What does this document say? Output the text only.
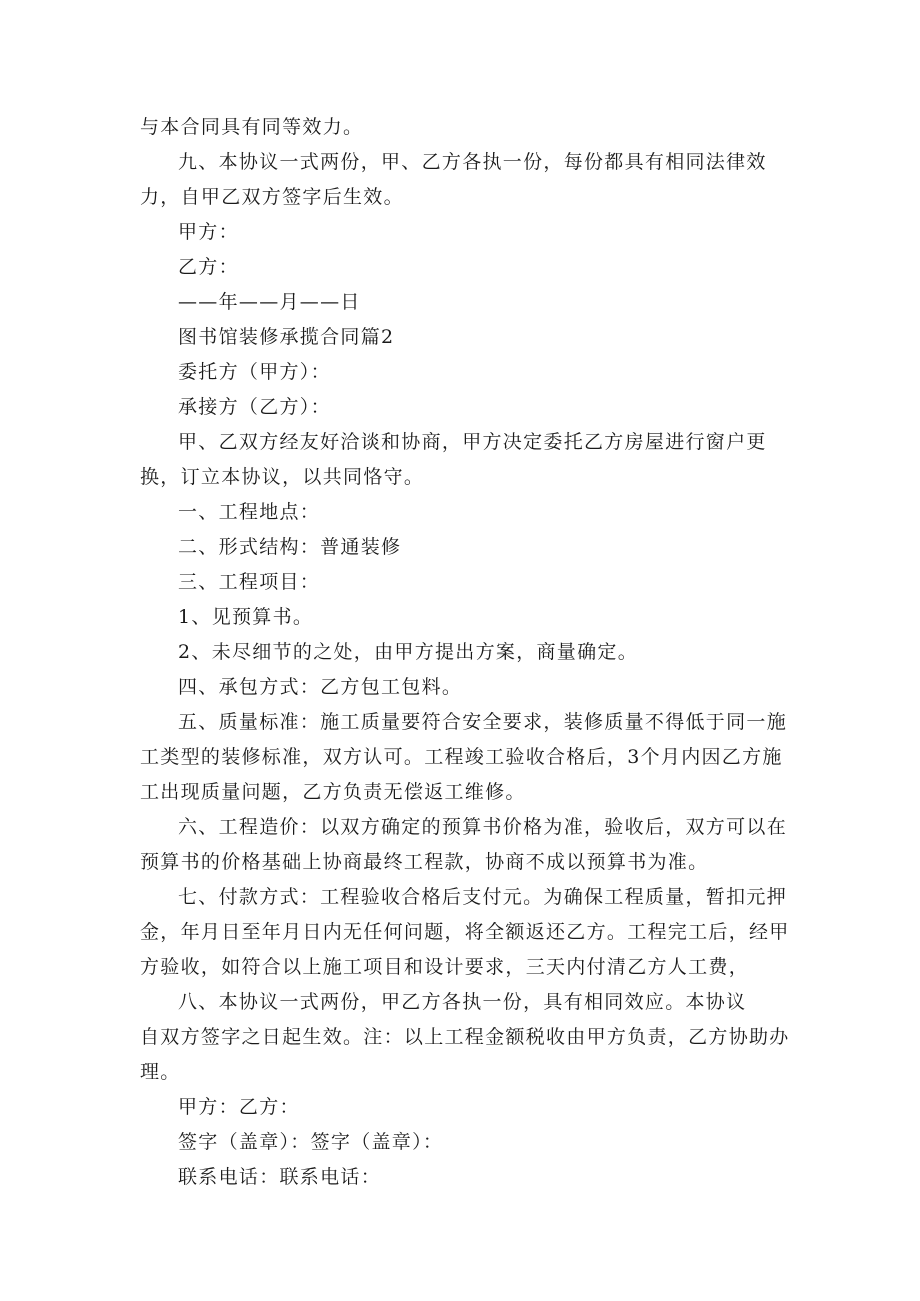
与本合同具有同等效力。

九、本协议一式两份，甲、乙方各执一份，每份都具有相同法律效力，自甲乙双方签字后生效。

甲方：

乙方：

——年——月——日

图书馆装修承揽合同篇2

委托方（甲方）：

承接方（乙方）：

甲、乙双方经友好洽谈和协商，甲方决定委托乙方房屋进行窗户更换，订立本协议，以共同恪守。

一、工程地点：

二、形式结构：普通装修

三、工程项目：

1、见预算书。

2、未尽细节的之处，由甲方提出方案，商量确定。

四、承包方式：乙方包工包料。

五、质量标准：施工质量要符合安全要求，装修质量不得低于同一施工类型的装修标准，双方认可。工程竣工验收合格后，3个月内因乙方施工出现质量问题，乙方负责无偿返工维修。

六、工程造价：以双方确定的预算书价格为准，验收后，双方可以在预算书的价格基础上协商最终工程款，协商不成以预算书为准。

七、付款方式：工程验收合格后支付元。为确保工程质量，暂扣元押金，年月日至年月日内无任何问题，将全额返还乙方。工程完工后，经甲方验收，如符合以上施工项目和设计要求，三天内付清乙方人工费，

八、本协议一式两份，甲乙方各执一份，具有相同效应。本协议

自双方签字之日起生效。注：以上工程金额税收由甲方负责，乙方协助办理。

甲方：乙方：

签字（盖章）：签字（盖章）：

联系电话：联系电话：
